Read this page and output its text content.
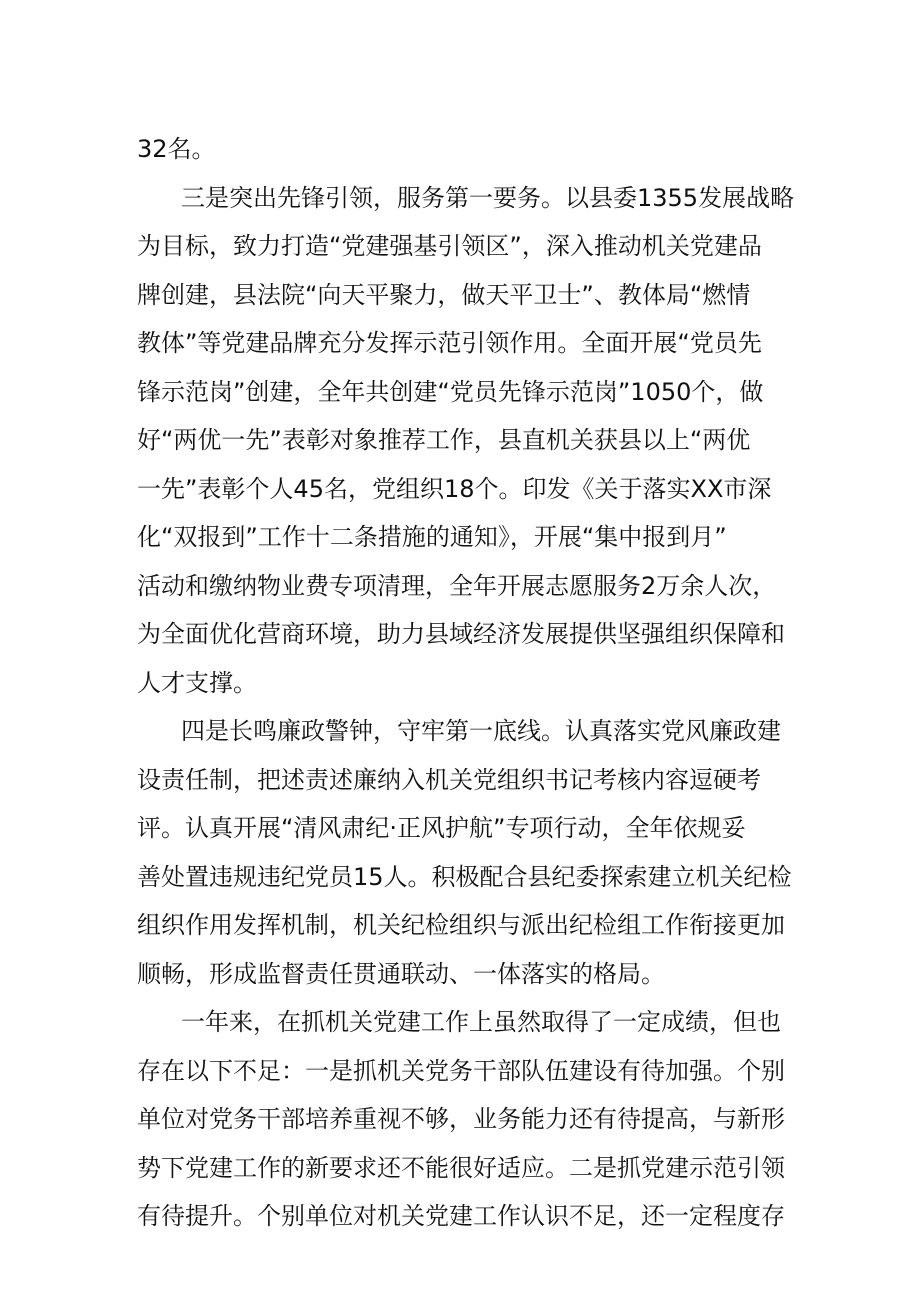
32名。
三是突出先锋引领，服务第一要务。以县委1355发展战略
为目标，致力打造“党建强基引领区”，深入推动机关党建品
牌创建，县法院“向天平聚力，做天平卫士”、教体局“燃情
教体”等党建品牌充分发挥示范引领作用。全面开展“党员先
锋示范岗”创建，全年共创建“党员先锋示范岗”1050个，做
好“两优一先”表彰对象推荐工作，县直机关获县以上“两优
一先”表彰个人45名，党组织18个。印发《关于落实XX市深
化“双报到”工作十二条措施的通知》，开展“集中报到月”
活动和缴纳物业费专项清理，全年开展志愿服务2万余人次，
为全面优化营商环境，助力县域经济发展提供坚强组织保障和
人才支撑。
四是长鸣廉政警钟，守牢第一底线。认真落实党风廉政建
设责任制，把述责述廉纳入机关党组织书记考核内容逗硬考
评。认真开展“清风肃纪·正风护航”专项行动，全年依规妥
善处置违规违纪党员15人。积极配合县纪委探索建立机关纪检
组织作用发挥机制，机关纪检组织与派出纪检组工作衔接更加
顺畅，形成监督责任贯通联动、一体落实的格局。
一年来，在抓机关党建工作上虽然取得了一定成绩，但也
存在以下不足：一是抓机关党务干部队伍建设有待加强。个别
单位对党务干部培养重视不够，业务能力还有待提高，与新形
势下党建工作的新要求还不能很好适应。二是抓党建示范引领
有待提升。个别单位对机关党建工作认识不足，还一定程度存
